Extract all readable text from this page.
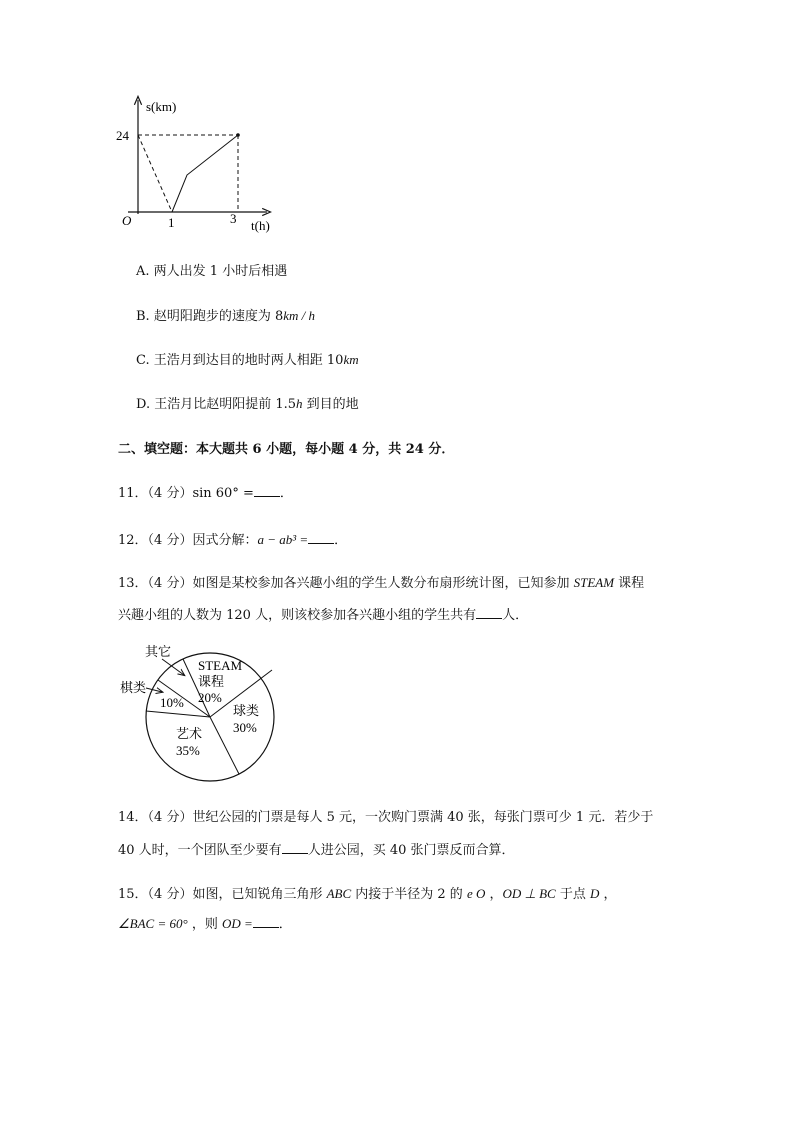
s(km)
t(h)
O
24
1	3
A. 两人出发 1 小时后相遇
B. 赵明阳跑步的速度为 8km / h
C. 王浩月到达目的地时两人相距 10km
D. 王浩月比赵明阳提前 1.5h 到目的地
二、填空题：本大题共 6 小题，每小题 4 分，共 24 分．
11．（4 分）sin 60° = ．
12．（4 分）因式分解：a − ab³ = ．
13．（4 分）如图是某校参加各兴趣小组的学生人数分布扇形统计图，已知参加 STEAM 课程
兴趣小组的人数为 120 人，则该校参加各兴趣小组的学生共有 人．
STEAM
课程
20%
球类
30%
艺术
35%
10%
棋类
其它
14．（4 分）世纪公园的门票是每人 5 元，一次购门票满 40 张，每张门票可少 1 元．若少于
40 人时，一个团队至少要有 人进公园，买 40 张门票反而合算．
15．（4 分）如图，已知锐角三角形 ABC 内接于半径为 2 的 e O ，OD ⊥ BC 于点 D ，
∠BAC = 60° ，则 OD = ．
